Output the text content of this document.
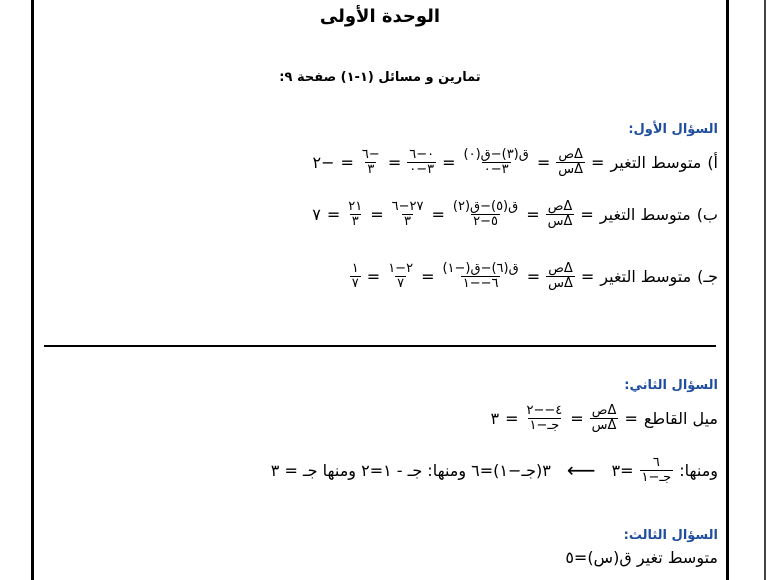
الوحدة الأولى
تمارين و مسائل (١-١) صفحة ٩:
السؤال الأول:
أ)
متوسط التغير
=
$\frac{\text{Δص}}{\text{Δس}}$
=
$\frac{\text{ق(٣)−ق(٠)}}{٣-٠}$
=
$\frac{٠-٦}{٣-٠}$
=
$\frac{-٦}{٣}$
=
−٢
ب)
متوسط التغير
=
$\frac{\text{Δص}}{\text{Δس}}$
=
$\frac{\text{ق(٥)−ق(٢)}}{٥-٢}$
=
$\frac{٢٧-٦}{٣}$
=
$\frac{٢١}{٣}$
=
٧
جـ)
متوسط التغير
=
$\frac{\text{Δص}}{\text{Δس}}$
=
$\frac{\text{ق(٦)−ق(−١)}}{٦--١}$
=
$\frac{٢-١}{٧}$
=
$\frac{١}{٧}$
السؤال الثاني:
ميل القاطع
=
$\frac{\text{Δص}}{\text{Δس}}$
=
$\frac{٤--٢}{\text{جـ−١}}$
=
٣
ومنها:
$\frac{٦}{\text{جـ−١}}$
=٣
⟵
٣(جـ−١)=٦ ومنها: جـ - ١=٢ ومنها جـ = ٣
السؤال الثالث:
متوسط تغير ق(س)=٥
